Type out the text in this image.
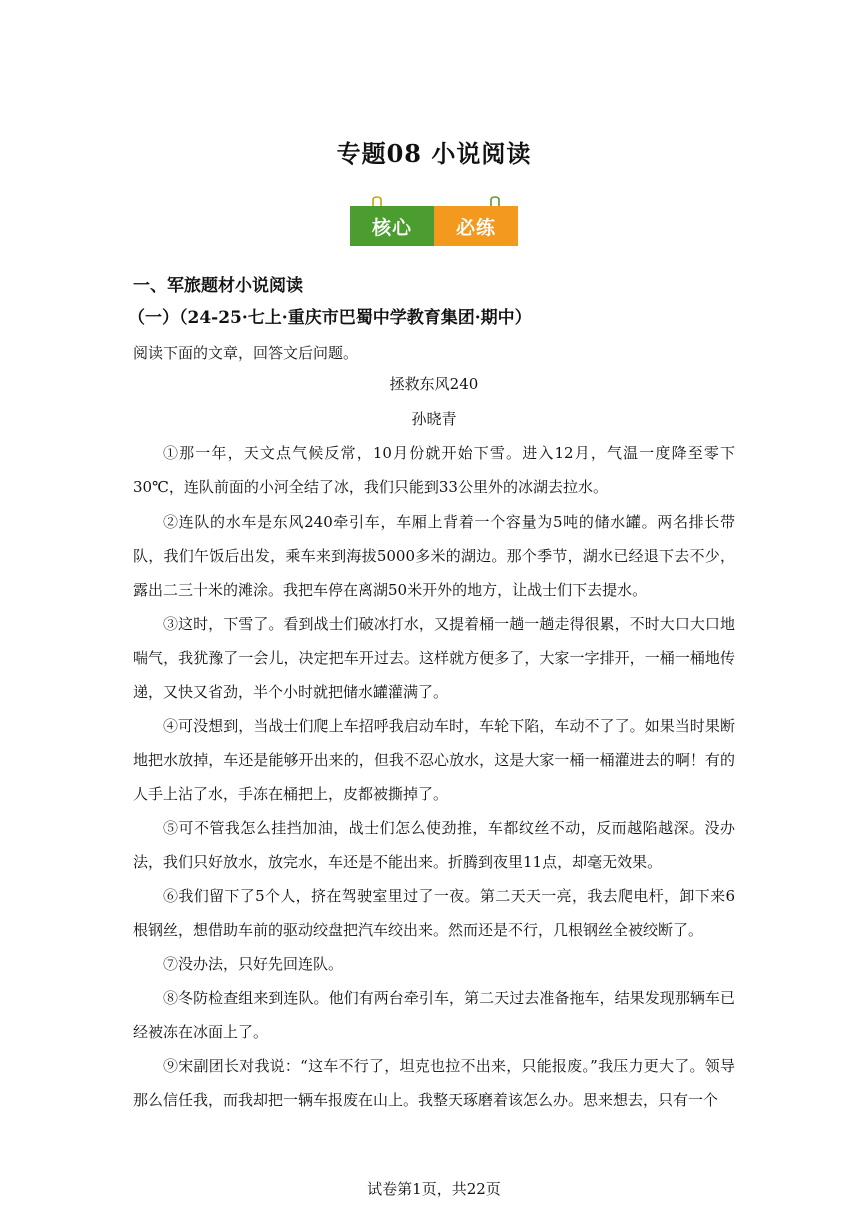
专题08 小说阅读
核心	必练
一、军旅题材小说阅读
（一）（24-25·七上·重庆市巴蜀中学教育集团·期中）
阅读下面的文章，回答文后问题。
拯救东风240
孙晓青

①那一年，天文点气候反常，10月份就开始下雪。进入12月，气温一度降至零下30℃，连队前面的小河全结了冰，我们只能到33公里外的冰湖去拉水。

②连队的水车是东风240牵引车，车厢上背着一个容量为5吨的储水罐。两名排长带队，我们午饭后出发，乘车来到海拔5000多米的湖边。那个季节，湖水已经退下去不少，露出二三十米的滩涂。我把车停在离湖50米开外的地方，让战士们下去提水。

③这时，下雪了。看到战士们破冰打水，又提着桶一趟一趟走得很累，不时大口大口地喘气，我犹豫了一会儿，决定把车开过去。这样就方便多了，大家一字排开，一桶一桶地传递，又快又省劲，半个小时就把储水罐灌满了。

④可没想到，当战士们爬上车招呼我启动车时，车轮下陷，车动不了了。如果当时果断地把水放掉，车还是能够开出来的，但我不忍心放水，这是大家一桶一桶灌进去的啊！有的人手上沾了水，手冻在桶把上，皮都被撕掉了。

⑤可不管我怎么挂挡加油，战士们怎么使劲推，车都纹丝不动，反而越陷越深。没办法，我们只好放水，放完水，车还是不能出来。折腾到夜里11点，却毫无效果。

⑥我们留下了5个人，挤在驾驶室里过了一夜。第二天天一亮，我去爬电杆，卸下来6根钢丝，想借助车前的驱动绞盘把汽车绞出来。然而还是不行，几根钢丝全被绞断了。

⑦没办法，只好先回连队。

⑧冬防检查组来到连队。他们有两台牵引车，第二天过去准备拖车，结果发现那辆车已经被冻在冰面上了。

⑨宋副团长对我说：“这车不行了，坦克也拉不出来，只能报废。”我压力更大了。领导那么信任我，而我却把一辆车报废在山上。我整天琢磨着该怎么办。思来想去，只有一个

试卷第1页，共22页
